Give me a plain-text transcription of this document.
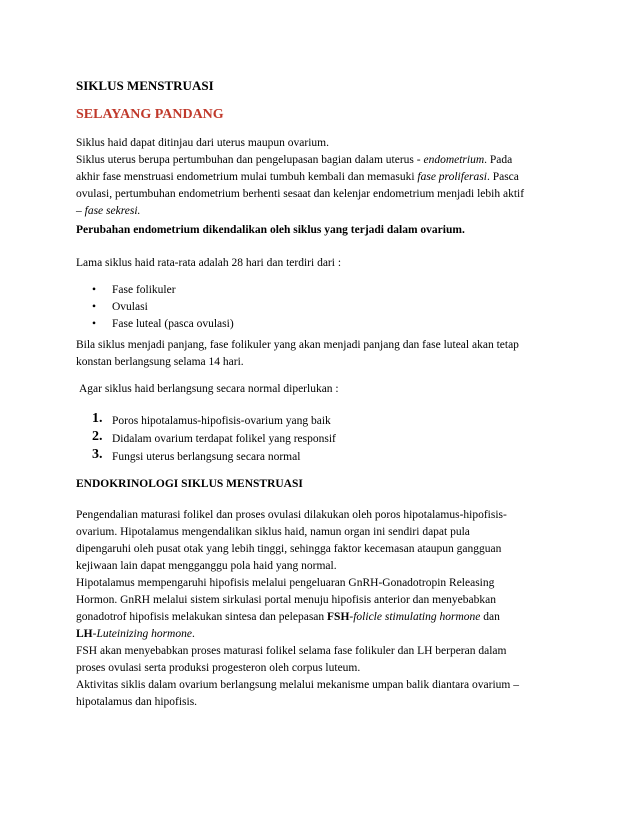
SIKLUS MENSTRUASI

SELAYANG PANDANG

Siklus haid dapat ditinjau dari uterus maupun ovarium.

Siklus uterus berupa pertumbuhan dan pengelupasan bagian dalam uterus - endometrium. Pada

akhir fase menstruasi endometrium mulai tumbuh kembali dan memasuki fase proliferasi. Pasca

ovulasi, pertumbuhan endometrium berhenti sesaat dan kelenjar endometrium menjadi lebih aktif

– fase sekresi.

Perubahan endometrium dikendalikan oleh siklus yang terjadi dalam ovarium.

Lama siklus haid rata-rata adalah 28 hari dan terdiri dari :

• Fase folikuler
• Ovulasi
• Fase luteal (pasca ovulasi)

Bila siklus menjadi panjang, fase folikuler yang akan menjadi panjang dan fase luteal akan tetap

konstan berlangsung selama 14 hari.

Agar siklus haid berlangsung secara normal diperlukan :

1. Poros hipotalamus-hipofisis-ovarium yang baik
2. Didalam ovarium terdapat folikel yang responsif
3. Fungsi uterus berlangsung secara normal

ENDOKRINOLOGI SIKLUS MENSTRUASI

Pengendalian maturasi folikel dan proses ovulasi dilakukan oleh poros hipotalamus-hipofisis-

ovarium. Hipotalamus mengendalikan siklus haid, namun organ ini sendiri dapat pula

dipengaruhi oleh pusat otak yang lebih tinggi, sehingga faktor kecemasan ataupun gangguan

kejiwaan lain dapat mengganggu pola haid yang normal.

Hipotalamus mempengaruhi hipofisis melalui pengeluaran GnRH-Gonadotropin Releasing

Hormon. GnRH melalui sistem sirkulasi portal menuju hipofisis anterior dan menyebabkan

gonadotrof hipofisis melakukan sintesa dan pelepasan FSH-folicle stimulating hormone dan

LH-Luteinizing hormone.

FSH akan menyebabkan proses maturasi folikel selama fase folikuler dan LH berperan dalam

proses ovulasi serta produksi progesteron oleh corpus luteum.

Aktivitas siklis dalam ovarium berlangsung melalui mekanisme umpan balik diantara ovarium –

hipotalamus dan hipofisis.
